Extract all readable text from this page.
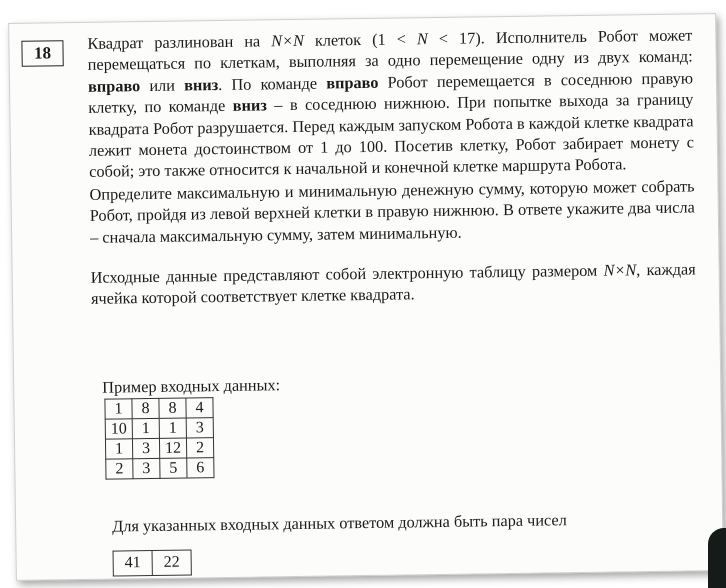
18

Квадрат разлинован на N×N клеток (1 < N < 17). Исполнитель Робот может перемещаться по клеткам, выполняя за одно перемещение одну из двух команд: вправо или вниз. По команде вправо Робот перемещается в соседнюю правую клетку, по команде вниз – в соседнюю нижнюю. При попытке выхода за границу квадрата Робот разрушается. Перед каждым запуском Робота в каждой клетке квадрата лежит монета достоинством от 1 до 100. Посетив клетку, Робот забирает монету с собой; это также относится к начальной и конечной клетке маршрута Робота.

Определите максимальную и минимальную денежную сумму, которую может собрать Робот, пройдя из левой верхней клетки в правую нижнюю. В ответе укажите два числа – сначала максимальную сумму, затем минимальную.

Исходные данные представляют собой электронную таблицу размером N×N, каждая ячейка которой соответствует клетке квадрата.

Пример входных данных:
1	8	8	4
10	1	1	3
1	3	12	2
2	3	5	6
Для указанных входных данных ответом должна быть пара чисел
41	22
